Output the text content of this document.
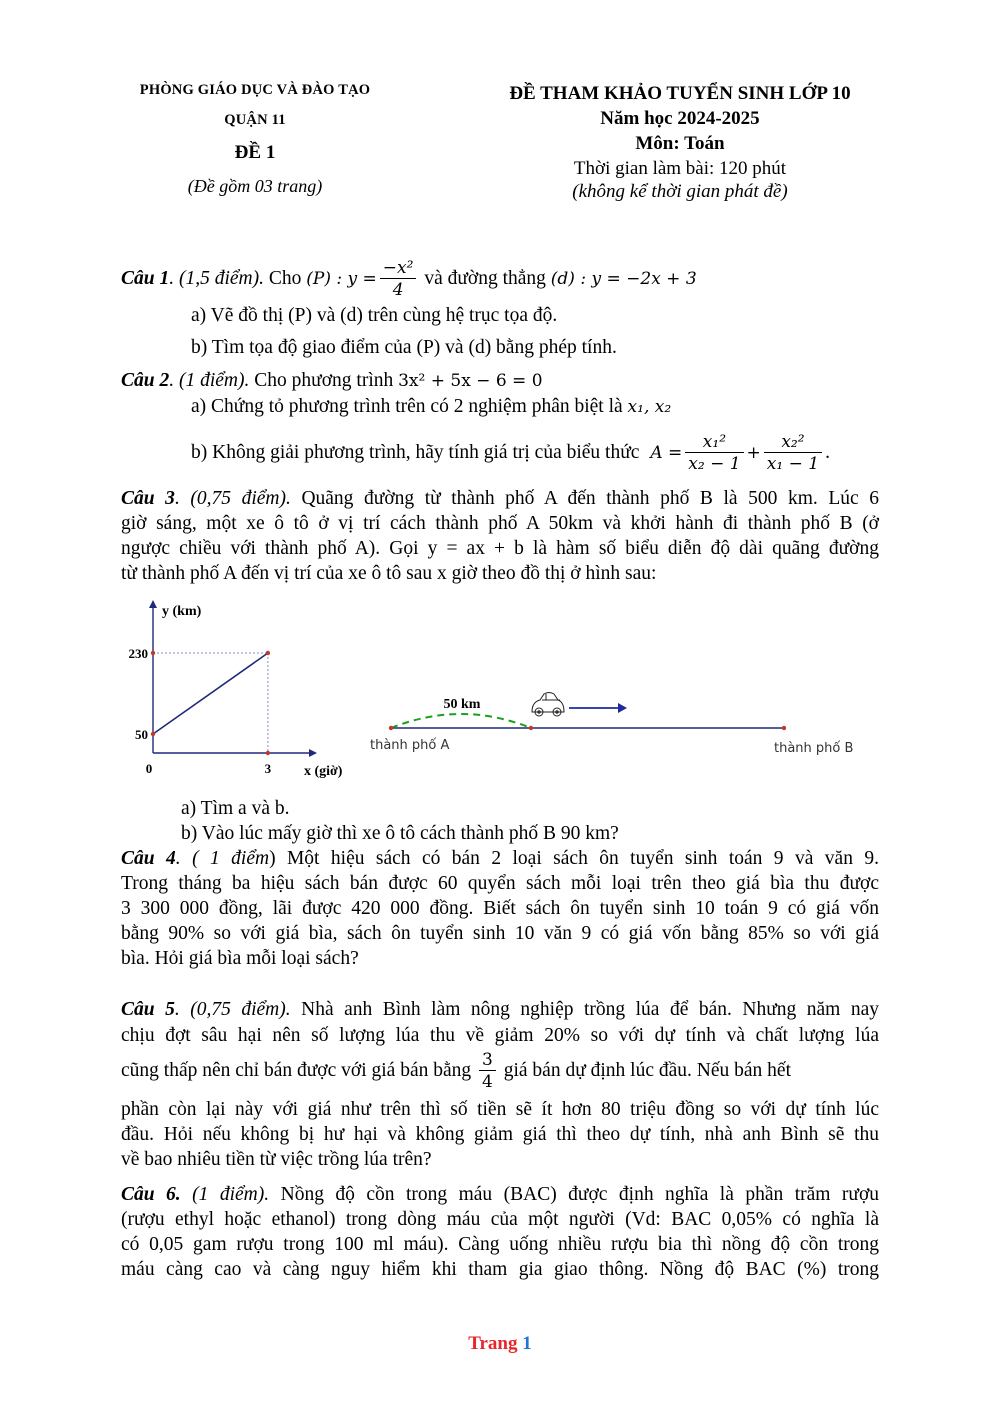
PHÒNG GIÁO DỤC VÀ ĐÀO TẠO
QUẬN 11
ĐỀ 1
(Đề gồm 03 trang)
ĐỀ THAM KHẢO TUYỂN SINH LỚP 10
Năm học 2024-2025
Môn: Toán
Thời gian làm bài: 120 phút
(không kể thời gian phát đề)

Câu 1. (1,5 điểm). Cho (P) : $y = \frac{\text{−x²}}{4}$ và đường thẳng (d) : y = −2x + 3

a) Vẽ đồ thị (P) và (d) trên cùng hệ trục tọa độ.

b) Tìm tọa độ giao điểm của (P) và (d) bằng phép tính.

Câu 2. (1 điểm). Cho phương trình 3x² + 5x − 6 = 0

a) Chứng tỏ phương trình trên có 2 nghiệm phân biệt là x₁, x₂

b) Không giải phương trình, hãy tính giá trị của biểu thức $A = \frac{\text{x₁²}}{\text{x₂ − 1}} + \frac{\text{x₂²}}{\text{x₁ − 1}}$ .

Câu 3. (0,75 điểm). Quãng đường từ thành phố A đến thành phố B là 500 km. Lúc 6

giờ sáng, một xe ô tô ở vị trí cách thành phố A 50km và khởi hành đi thành phố B (ở

ngược chiều với thành phố A). Gọi y = ax + b là hàm số biểu diễn độ dài quãng đường

từ thành phố A đến vị trí của xe ô tô sau x giờ theo đồ thị ở hình sau:

50
230
0	3
y (km)
x (giờ)
50 km
thành phố A	thành phố B

a) Tìm a và b.

b) Vào lúc mấy giờ thì xe ô tô cách thành phố B 90 km?

Câu 4. ( 1 điểm) Một hiệu sách có bán 2 loại sách ôn tuyển sinh toán 9 và văn 9.

Trong tháng ba hiệu sách bán được 60 quyển sách mỗi loại trên theo giá bìa thu được

3 300 000 đồng, lãi được 420 000 đồng. Biết sách ôn tuyển sinh 10 toán 9 có giá vốn

bằng 90% so với giá bìa, sách ôn tuyển sinh 10 văn 9 có giá vốn bằng 85% so với giá

bìa. Hỏi giá bìa mỗi loại sách?

Câu 5. (0,75 điểm). Nhà anh Bình làm nông nghiệp trồng lúa để bán. Nhưng năm nay

chịu đợt sâu hại nên số lượng lúa thu về giảm 20% so với dự tính và chất lượng lúa

cũng thấp nên chỉ bán được với giá bán bằng $\frac{3}{4}$ giá bán dự định lúc đầu. Nếu bán hết

phần còn lại này với giá như trên thì số tiền sẽ ít hơn 80 triệu đồng so với dự tính lúc

đầu. Hỏi nếu không bị hư hại và không giảm giá thì theo dự tính, nhà anh Bình sẽ thu

về bao nhiêu tiền từ việc trồng lúa trên?

Câu 6. (1 điểm). Nồng độ cồn trong máu (BAC) được định nghĩa là phần trăm rượu

(rượu ethyl hoặc ethanol) trong dòng máu của một người (Vd: BAC 0,05% có nghĩa là

có 0,05 gam rượu trong 100 ml máu). Càng uống nhiều rượu bia thì nồng độ cồn trong

máu càng cao và càng nguy hiểm khi tham gia giao thông. Nồng độ BAC (%) trong

Trang 1
